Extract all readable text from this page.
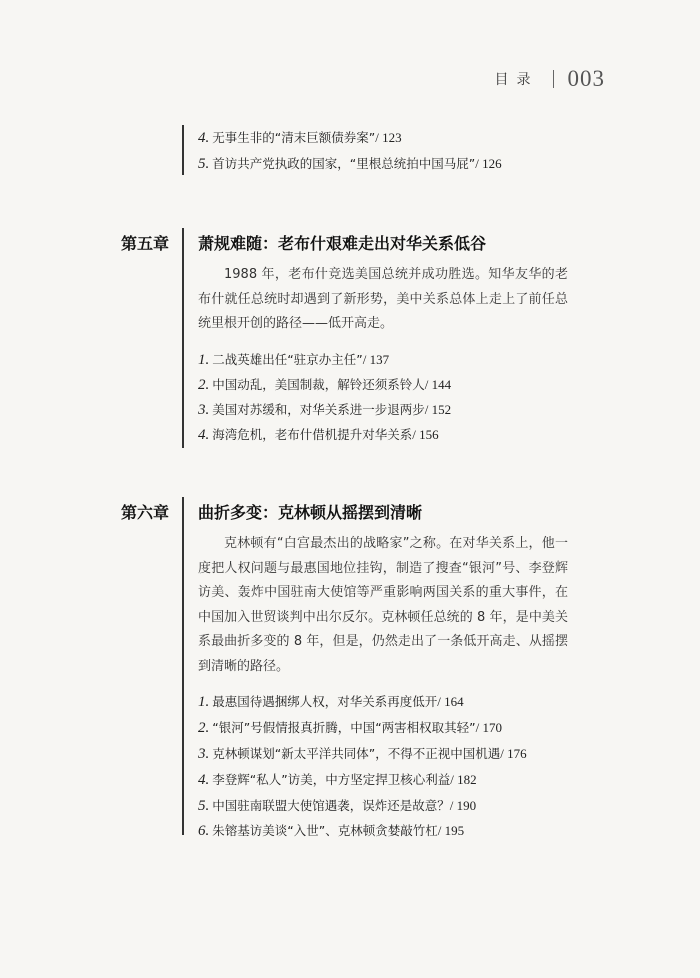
目录 003
4. 无事生非的“清末巨额债券案”/ 123
5. 首访共产党执政的国家，“里根总统拍中国马屁”/ 126
第五章 萧规难随：老布什艰难走出对华关系低谷

1988 年，老布什竞选美国总统并成功胜选。知华友华的老布什就任总统时却遇到了新形势，美中关系总体上走上了前任总统里根开创的路径——低开高走。

1. 二战英雄出任“驻京办主任”/ 137
2. 中国动乱，美国制裁，解铃还须系铃人/ 144
3. 美国对苏缓和，对华关系进一步退两步/ 152
4. 海湾危机，老布什借机提升对华关系/ 156
第六章 曲折多变：克林顿从摇摆到清晰

克林顿有“白宫最杰出的战略家”之称。在对华关系上，他一度把人权问题与最惠国地位挂钩，制造了搜查“银河”号、李登辉访美、轰炸中国驻南大使馆等严重影响两国关系的重大事件，在中国加入世贸谈判中出尔反尔。克林顿任总统的 8 年，是中美关系最曲折多变的 8 年，但是，仍然走出了一条低开高走、从摇摆到清晰的路径。

1. 最惠国待遇捆绑人权，对华关系再度低开/ 164
2. “银河”号假情报真折腾，中国“两害相权取其轻”/ 170
3. 克林顿谋划“新太平洋共同体”，不得不正视中国机遇/ 176
4. 李登辉“私人”访美，中方坚定捍卫核心利益/ 182
5. 中国驻南联盟大使馆遇袭，误炸还是故意？/ 190
6. 朱镕基访美谈“入世”、克林顿贪婪敲竹杠/ 195
